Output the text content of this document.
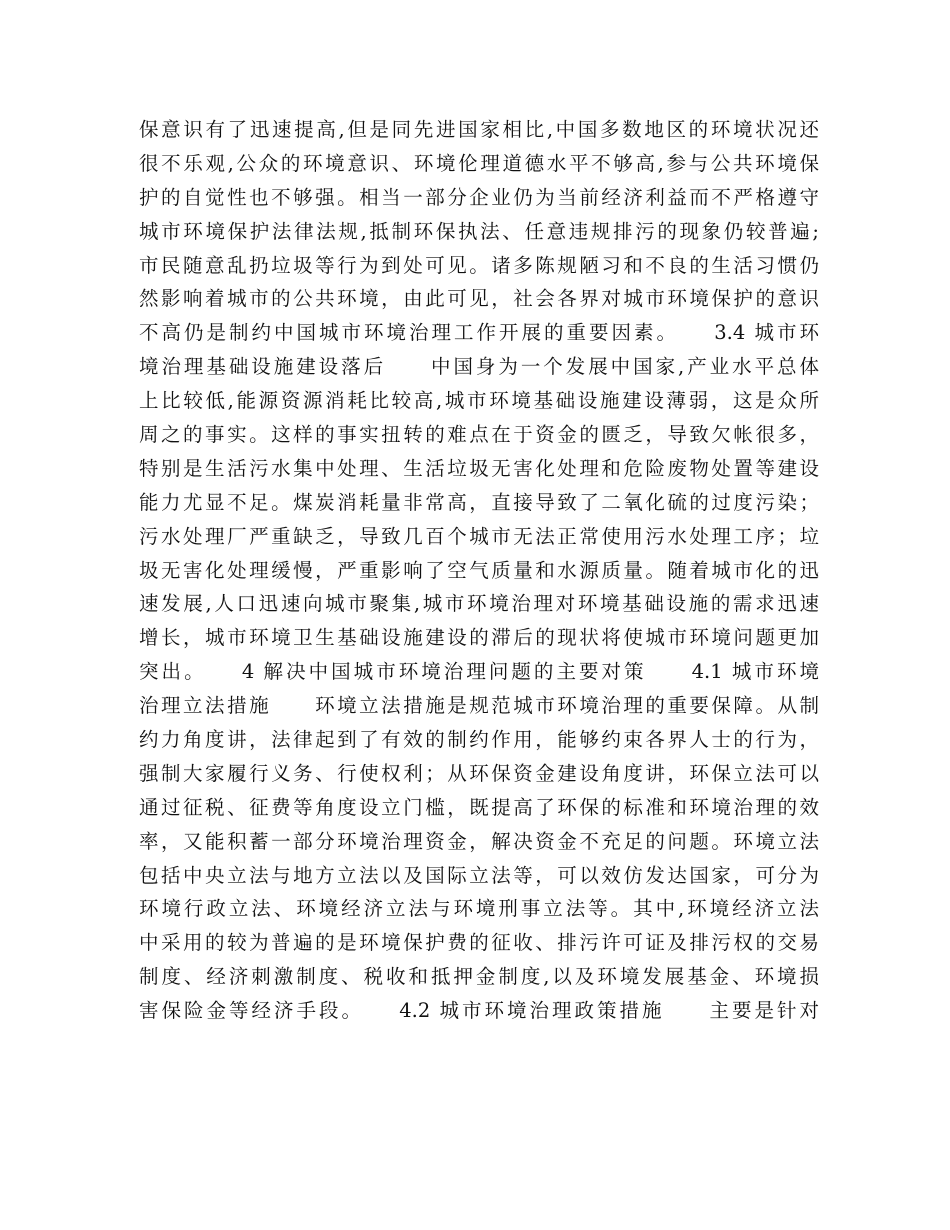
保意识有了迅速提高,但是同先进国家相比,中国多数地区的环境状况还
很不乐观,公众的环境意识、环境伦理道德水平不够高,参与公共环境保
护的自觉性也不够强。相当一部分企业仍为当前经济利益而不严格遵守
城市环境保护法律法规,抵制环保执法、任意违规排污的现象仍较普遍;
市民随意乱扔垃圾等行为到处可见。诸多陈规陋习和不良的生活习惯仍
然影响着城市的公共环境，由此可见，社会各界对城市环境保护的意识
不高仍是制约中国城市环境治理工作开展的重要因素。　　3.4 城市环
境治理基础设施建设落后　　中国身为一个发展中国家,产业水平总体
上比较低,能源资源消耗比较高,城市环境基础设施建设薄弱，这是众所
周之的事实。这样的事实扭转的难点在于资金的匮乏，导致欠帐很多，
特别是生活污水集中处理、生活垃圾无害化处理和危险废物处置等建设
能力尤显不足。煤炭消耗量非常高，直接导致了二氧化硫的过度污染；
污水处理厂严重缺乏，导致几百个城市无法正常使用污水处理工序；垃
圾无害化处理缓慢，严重影响了空气质量和水源质量。随着城市化的迅
速发展,人口迅速向城市聚集,城市环境治理对环境基础设施的需求迅速
增长，城市环境卫生基础设施建设的滞后的现状将使城市环境问题更加
突出。　　4 解决中国城市环境治理问题的主要对策　　4.1 城市环境
治理立法措施　　环境立法措施是规范城市环境治理的重要保障。从制
约力角度讲，法律起到了有效的制约作用，能够约束各界人士的行为，
强制大家履行义务、行使权利；从环保资金建设角度讲，环保立法可以
通过征税、征费等角度设立门槛，既提高了环保的标准和环境治理的效
率，又能积蓄一部分环境治理资金，解决资金不充足的问题。环境立法
包括中央立法与地方立法以及国际立法等，可以效仿发达国家，可分为
环境行政立法、环境经济立法与环境刑事立法等。其中,环境经济立法
中采用的较为普遍的是环境保护费的征收、排污许可证及排污权的交易
制度、经济刺激制度、税收和抵押金制度,以及环境发展基金、环境损
害保险金等经济手段。　　4.2 城市环境治理政策措施　　主要是针对
